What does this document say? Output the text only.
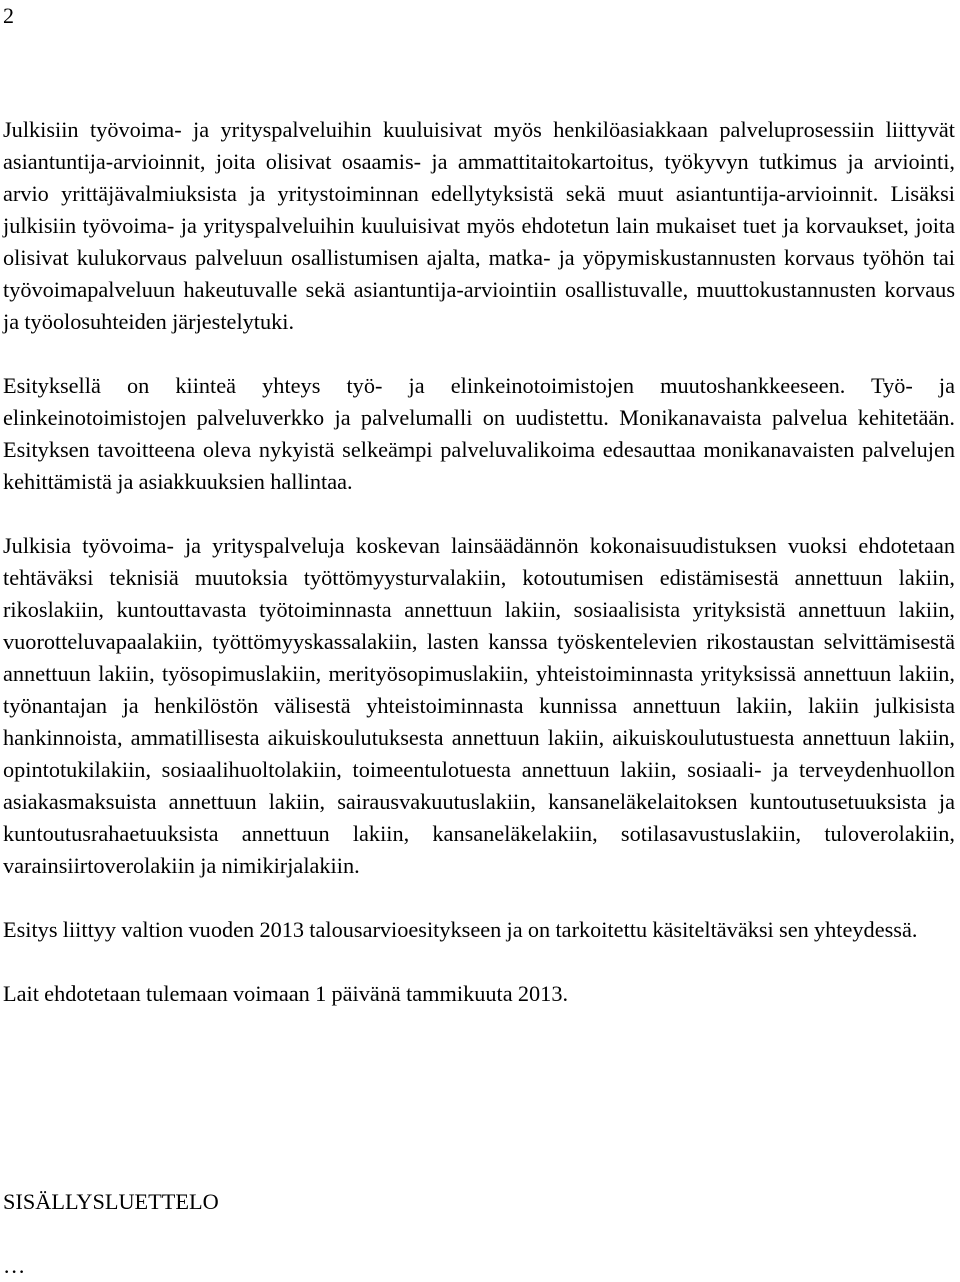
2

Julkisiin työvoima- ja yrityspalveluihin kuuluisivat myös henkilöasiakkaan palveluprosessiin liittyvät asiantuntija-arvioinnit, joita olisivat osaamis- ja ammattitaitokartoitus, työkyvyn tutkimus ja arviointi, arvio yrittäjävalmiuksista ja yritystoiminnan edellytyksistä sekä muut asiantuntija-arvioinnit. Lisäksi julkisiin työvoima- ja yrityspalveluihin kuuluisivat myös ehdotetun lain mukaiset tuet ja korvaukset, joita olisivat kulukorvaus palveluun osallistumisen ajalta, matka- ja yöpymiskustannusten korvaus työhön tai työvoimapalveluun hakeutuvalle sekä asiantuntija-arviointiin osallistuvalle, muuttokustannusten korvaus ja työolosuhteiden järjestelytuki.

Esityksellä on kiinteä yhteys työ- ja elinkeinotoimistojen muutoshankkeeseen. Työ- ja elinkeinotoimistojen palveluverkko ja palvelumalli on uudistettu. Monikanavaista palvelua kehitetään. Esityksen tavoitteena oleva nykyistä selkeämpi palveluvalikoima edesauttaa monikanavaisten palvelujen kehittämistä ja asiakkuuksien hallintaa.

Julkisia työvoima- ja yrityspalveluja koskevan lainsäädännön kokonaisuudistuksen vuoksi ehdotetaan tehtäväksi teknisiä muutoksia työttömyysturvalakiin, kotoutumisen edistämisestä annettuun lakiin, rikoslakiin, kuntouttavasta työtoiminnasta annettuun lakiin, sosiaalisista yrityksistä annettuun lakiin, vuorotteluvapaalakiin, työttömyyskassalakiin, lasten kanssa työskentelevien rikostaustan selvittämisestä annettuun lakiin, työsopimuslakiin, merityösopimuslakiin, yhteistoiminnasta yrityksissä annettuun lakiin, työnantajan ja henkilöstön välisestä yhteistoiminnasta kunnissa annettuun lakiin, lakiin julkisista hankinnoista, ammatillisesta aikuiskoulutuksesta annettuun lakiin, aikuiskoulutustuesta annettuun lakiin, opintotukilakiin, sosiaalihuoltolakiin, toimeentulotuesta annettuun lakiin, sosiaali- ja terveydenhuollon asiakasmaksuista annettuun lakiin, sairausvakuutuslakiin, kansaneläkelaitoksen kuntoutusetuuksista ja kuntoutusrahaetuuksista annettuun lakiin, kansaneläkelakiin, sotilasavustuslakiin, tuloverolakiin, varainsiirtoverolakiin ja nimikirjalakiin.

Esitys liittyy valtion vuoden 2013 talousarvioesitykseen ja on tarkoitettu käsiteltäväksi sen yhteydessä.

Lait ehdotetaan tulemaan voimaan 1 päivänä tammikuuta 2013.

SISÄLLYSLUETTELO

…
